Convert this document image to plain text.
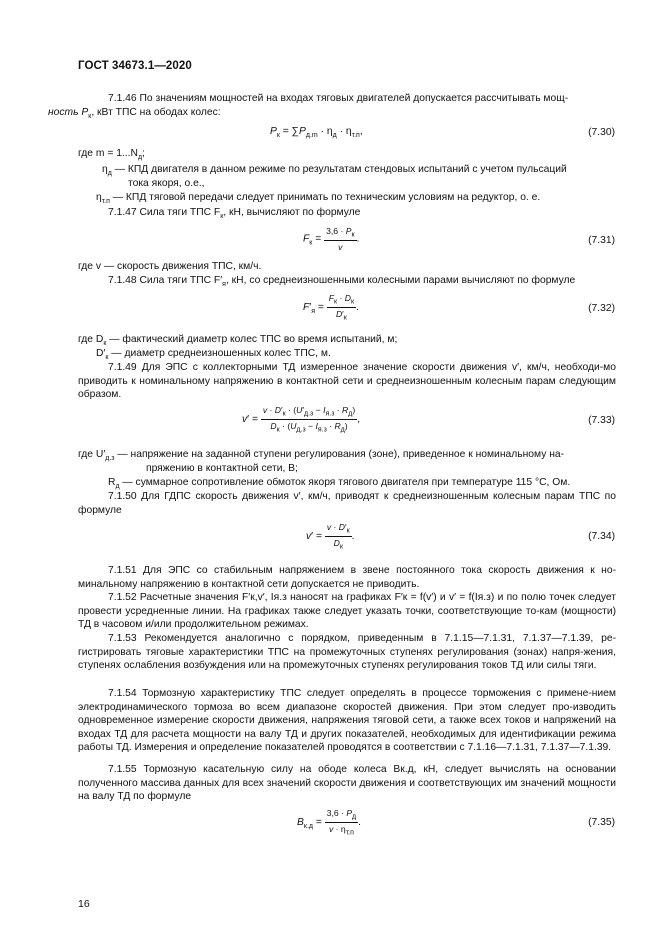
ГОСТ 34673.1—2020
7.1.46 По значениям мощностей на входах тяговых двигателей допускается рассчитывать мощ-
ность $P_к$, кВт ТПС на ободах колес:
$P_к = \sum P_{д.m} \cdot \eta_д \cdot \eta_{т.п}$,	(7.30)
где $m = 1...N_д$;
$\eta_д$ — КПД двигателя в данном режиме по результатам стендовых испытаний с учетом пульсаций
тока якоря, о.е.,
$\eta_{т.п}$ — КПД тяговой передачи следует принимать по техническим условиям на редуктор, о. е.
7.1.47 Сила тяги ТПС $F_к$, кН, вычисляют по формуле
$F_к = \frac{3,6 \cdot P_к}{v}$ .	(7.31)
где v — скорость движения ТПС, км/ч.
7.1.48 Сила тяги ТПС $F'_я$, кН, со среднеизношенными колесными парами вычисляют по формуле
$F'_я = \frac{F_к \cdot D_к}{D'_к}$ .	(7.32)
где $D_к$ — фактический диаметр колес ТПС во время испытаний, м;
$D'_к$ — диаметр среднеизношенных колес ТПС, м.
7.1.49 Для ЭПС с коллекторными ТД измеренное значение скорости движения v′, км/ч, необходи-мо приводить к номинальному напряжению в контактной сети и среднеизношенным колесным парам следующим образом.
$v' = \frac{v \cdot D'_к \cdot (U'_{д.з} - I_{я.з} \cdot R_д)}{D_к \cdot (U_{д.з} - I_{я.з} \cdot R_д)}$ ,	(7.33)
где $U'_{д.з}$ — напряжение на заданной ступени регулирования (зоне), приведенное к номинальному на-
пряжению в контактной сети, В;
$R_д$ — суммарное сопротивление обмоток якоря тягового двигателя при температуре 115 °С, Ом.
7.1.50 Для ГДПС скорость движения v′, км/ч, приводят к среднеизношенным колесным парам ТПС по формуле
$v' = \frac{v \cdot D'_к}{D_к}$ .	(7.34)
7.1.51 Для ЭПС со стабильным напряжением в звене постоянного тока скорость движения к но-минальному напряжению в контактной сети допускается не приводить.
7.1.52 Расчетные значения F′к,v′, Iя.з наносят на графиках F′к = f(v′) и v′ = f(Iя.з) и по полю точек следует провести усредненные линии. На графиках также следует указать точки, соответствующие то-кам (мощности) ТД в часовом и/или продолжительном режимах.
7.1.53 Рекомендуется аналогично с порядком, приведенным в 7.1.15—7.1.31, 7.1.37—7.1.39, ре-гистрировать тяговые характеристики ТПС на промежуточных ступенях регулирования (зонах) напря-жения, ступенях ослабления возбуждения или на промежуточных ступенях регулирования токов ТД или силы тяги.
7.1.54 Тормозную характеристику ТПС следует определять в процессе торможения с примене-нием электродинамического тормоза во всем диапазоне скоростей движения. При этом следует про-изводить одновременное измерение скорости движения, напряжения тяговой сети, а также всех токов и напряжений на входах ТД для расчета мощности на валу ТД и других показателей, необходимых для идентификации режима работы ТД. Измерения и определение показателей проводятся в соответствии с 7.1.16—7.1.31, 7.1.37—7.1.39.
7.1.55 Тормозную касательную силу на ободе колеса Bк.д, кН, следует вычислять на основании полученного массива данных для всех значений скорости движения и соответствующих им значений мощности на валу ТД по формуле
$B_{к.д} = \frac{3,6 \cdot P_д}{v \cdot \eta_{т.п}}$ .	(7.35)
16
